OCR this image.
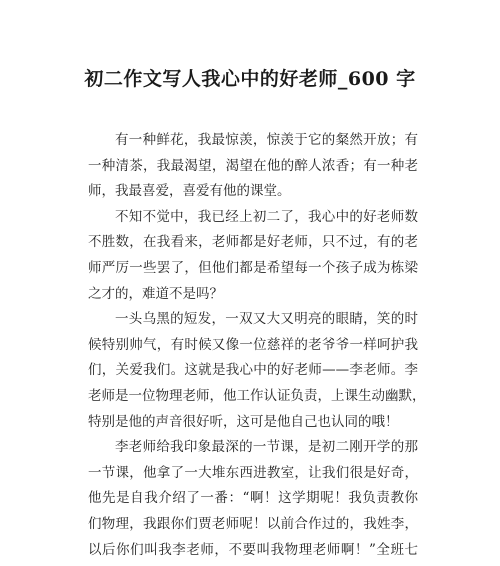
初二作文写人我心中的好老师_600 字
有一种鲜花，我最惊羡，惊羡于它的粲然开放；有
一种清茶，我最渴望，渴望在他的醉人浓香；有一种老
师，我最喜爱，喜爱有他的课堂。
不知不觉中，我已经上初二了，我心中的好老师数
不胜数，在我看来，老师都是好老师，只不过，有的老
师严厉一些罢了，但他们都是希望每一个孩子成为栋梁
之才的，难道不是吗？
一头乌黑的短发，一双又大又明亮的眼睛，笑的时
候特别帅气，有时候又像一位慈祥的老爷爷一样呵护我
们，关爱我们。这就是我心中的好老师——李老师。李
老师是一位物理老师，他工作认证负责，上课生动幽默，
特别是他的声音很好听，这可是他自己也认同的哦！
李老师给我印象最深的一节课，是初二刚开学的那
一节课，他拿了一大堆东西进教室，让我们很是好奇，
他先是自我介绍了一番：“啊！这学期呢！我负责教你
们物理，我跟你们贾老师呢！以前合作过的，我姓李，
以后你们叫我李老师，不要叫我物理老师啊！”全班七
